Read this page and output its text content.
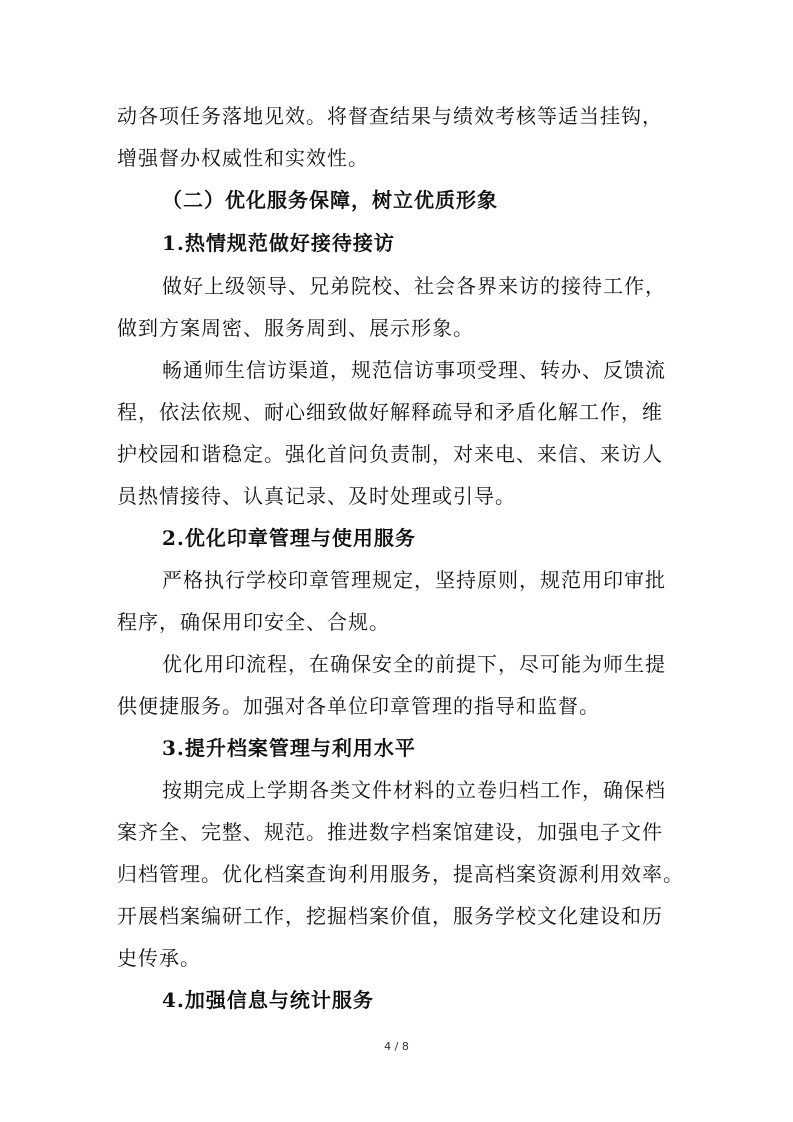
动各项任务落地见效。将督查结果与绩效考核等适当挂钩，
增强督办权威性和实效性。
（二）优化服务保障，树立优质形象
1.热情规范做好接待接访
做好上级领导、兄弟院校、社会各界来访的接待工作，
做到方案周密、服务周到、展示形象。
畅通师生信访渠道，规范信访事项受理、转办、反馈流
程，依法依规、耐心细致做好解释疏导和矛盾化解工作，维
护校园和谐稳定。强化首问负责制，对来电、来信、来访人
员热情接待、认真记录、及时处理或引导。
2.优化印章管理与使用服务
严格执行学校印章管理规定，坚持原则，规范用印审批
程序，确保用印安全、合规。
优化用印流程，在确保安全的前提下，尽可能为师生提
供便捷服务。加强对各单位印章管理的指导和监督。
3.提升档案管理与利用水平
按期完成上学期各类文件材料的立卷归档工作，确保档
案齐全、完整、规范。推进数字档案馆建设，加强电子文件
归档管理。优化档案查询利用服务，提高档案资源利用效率。
开展档案编研工作，挖掘档案价值，服务学校文化建设和历
史传承。
4.加强信息与统计服务
4 / 8
